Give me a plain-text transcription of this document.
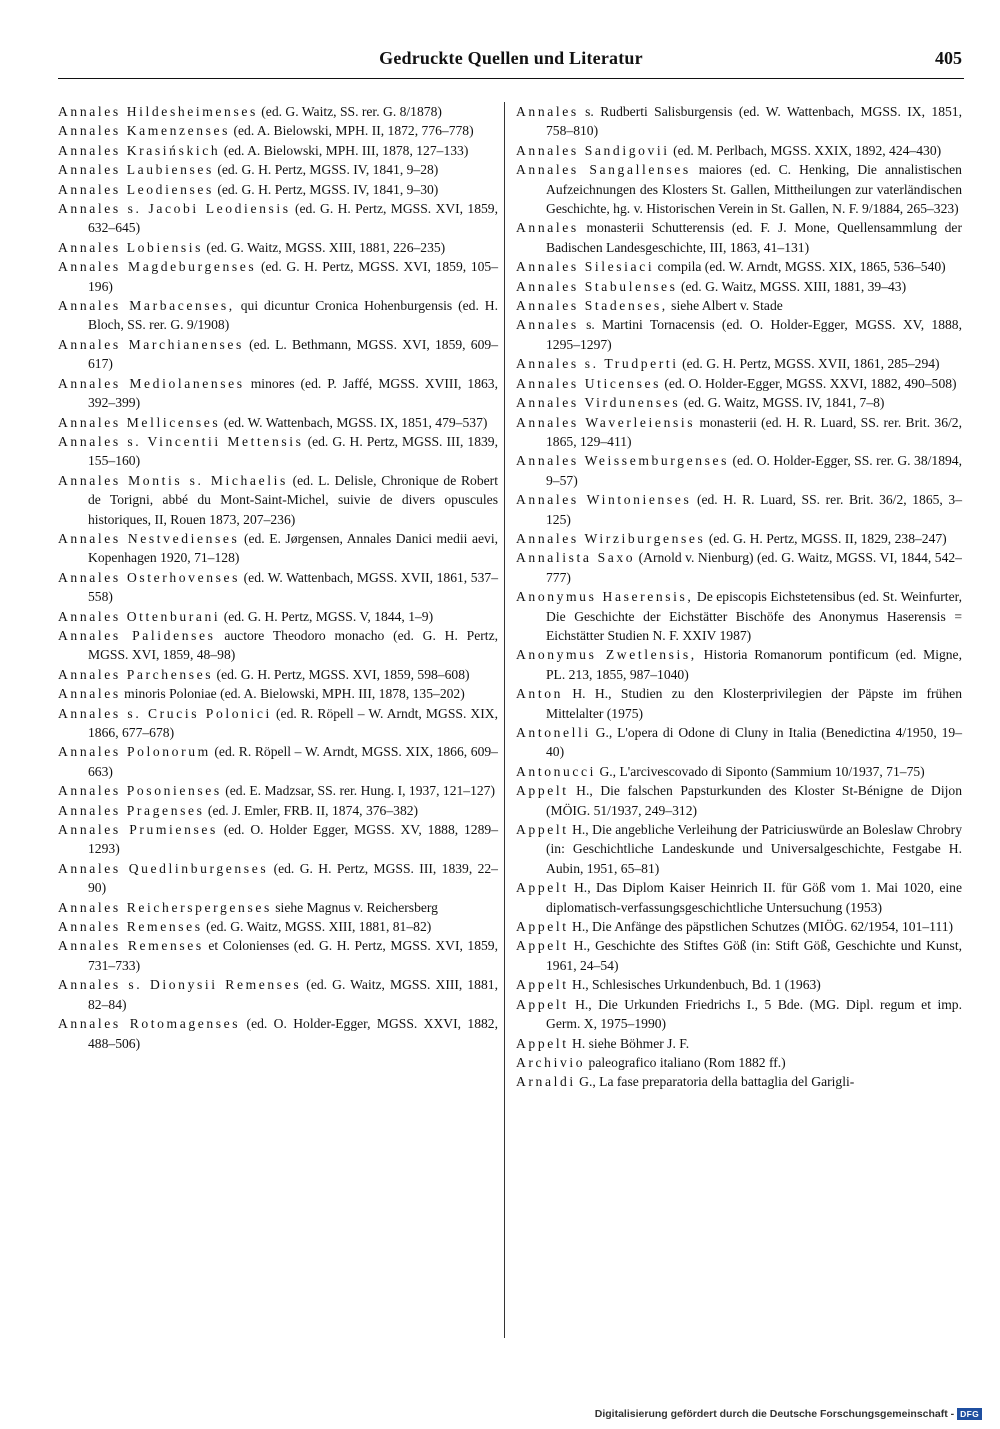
Gedruckte Quellen und Literatur	405

Annales Hildesheimenses (ed. G. Waitz, SS. rer. G. 8/1878)

Annales Kamenzenses (ed. A. Bielowski, MPH. II, 1872, 776–778)

Annales Krasińskich (ed. A. Bielowski, MPH. III, 1878, 127–133)

Annales Laubienses (ed. G. H. Pertz, MGSS. IV, 1841, 9–28)

Annales Leodienses (ed. G. H. Pertz, MGSS. IV, 1841, 9–30)

Annales s. Jacobi Leodiensis (ed. G. H. Pertz, MGSS. XVI, 1859, 632–645)

Annales Lobiensis (ed. G. Waitz, MGSS. XIII, 1881, 226–235)

Annales Magdeburgenses (ed. G. H. Pertz, MGSS. XVI, 1859, 105–196)

Annales Marbacenses, qui dicuntur Cronica Hohenburgensis (ed. H. Bloch, SS. rer. G. 9/1908)

Annales Marchianenses (ed. L. Bethmann, MGSS. XVI, 1859, 609–617)

Annales Mediolanenses minores (ed. P. Jaffé, MGSS. XVIII, 1863, 392–399)

Annales Mellicenses (ed. W. Wattenbach, MGSS. IX, 1851, 479–537)

Annales s. Vincentii Mettensis (ed. G. H. Pertz, MGSS. III, 1839, 155–160)

Annales Montis s. Michaelis (ed. L. Delisle, Chronique de Robert de Torigni, abbé du Mont-Saint-Michel, suivie de divers opuscules historiques, II, Rouen 1873, 207–236)

Annales Nestvedienses (ed. E. Jørgensen, Annales Danici medii aevi, Kopenhagen 1920, 71–128)

Annales Osterhovenses (ed. W. Wattenbach, MGSS. XVII, 1861, 537–558)

Annales Ottenburani (ed. G. H. Pertz, MGSS. V, 1844, 1–9)

Annales Palidenses auctore Theodoro monacho (ed. G. H. Pertz, MGSS. XVI, 1859, 48–98)

Annales Parchenses (ed. G. H. Pertz, MGSS. XVI, 1859, 598–608)

Annales minoris Poloniae (ed. A. Bielowski, MPH. III, 1878, 135–202)

Annales s. Crucis Polonici (ed. R. Röpell – W. Arndt, MGSS. XIX, 1866, 677–678)

Annales Polonorum (ed. R. Röpell – W. Arndt, MGSS. XIX, 1866, 609–663)

Annales Posonienses (ed. E. Madzsar, SS. rer. Hung. I, 1937, 121–127)

Annales Pragenses (ed. J. Emler, FRB. II, 1874, 376–382)

Annales Prumienses (ed. O. Holder Egger, MGSS. XV, 1888, 1289–1293)

Annales Quedlinburgenses (ed. G. H. Pertz, MGSS. III, 1839, 22–90)

Annales Reicherspergenses siehe Magnus v. Reichersberg

Annales Remenses (ed. G. Waitz, MGSS. XIII, 1881, 81–82)

Annales Remenses et Colonienses (ed. G. H. Pertz, MGSS. XVI, 1859, 731–733)

Annales s. Dionysii Remenses (ed. G. Waitz, MGSS. XIII, 1881, 82–84)

Annales Rotomagenses (ed. O. Holder-Egger, MGSS. XXVI, 1882, 488–506)

Annales s. Rudberti Salisburgensis (ed. W. Wattenbach, MGSS. IX, 1851, 758–810)

Annales Sandigovii (ed. M. Perlbach, MGSS. XXIX, 1892, 424–430)

Annales Sangallenses maiores (ed. C. Henking, Die annalistischen Aufzeichnungen des Klosters St. Gallen, Mittheilungen zur vaterländischen Geschichte, hg. v. Historischen Verein in St. Gallen, N. F. 9/1884, 265–323)

Annales monasterii Schutterensis (ed. F. J. Mone, Quellensammlung der Badischen Landesgeschichte, III, 1863, 41–131)

Annales Silesiaci compila (ed. W. Arndt, MGSS. XIX, 1865, 536–540)

Annales Stabulenses (ed. G. Waitz, MGSS. XIII, 1881, 39–43)

Annales Stadenses, siehe Albert v. Stade

Annales s. Martini Tornacensis (ed. O. Holder-Egger, MGSS. XV, 1888, 1295–1297)

Annales s. Trudperti (ed. G. H. Pertz, MGSS. XVII, 1861, 285–294)

Annales Uticenses (ed. O. Holder-Egger, MGSS. XXVI, 1882, 490–508)

Annales Virdunenses (ed. G. Waitz, MGSS. IV, 1841, 7–8)

Annales Waverleiensis monasterii (ed. H. R. Luard, SS. rer. Brit. 36/2, 1865, 129–411)

Annales Weissemburgenses (ed. O. Holder-Egger, SS. rer. G. 38/1894, 9–57)

Annales Wintonienses (ed. H. R. Luard, SS. rer. Brit. 36/2, 1865, 3–125)

Annales Wirziburgenses (ed. G. H. Pertz, MGSS. II, 1829, 238–247)

Annalista Saxo (Arnold v. Nienburg) (ed. G. Waitz, MGSS. VI, 1844, 542–777)

Anonymus Haserensis, De episcopis Eichstetensibus (ed. St. Weinfurter, Die Geschichte der Eichstätter Bischöfe des Anonymus Haserensis = Eichstätter Studien N. F. XXIV 1987)

Anonymus Zwetlensis, Historia Romanorum pontificum (ed. Migne, PL. 213, 1855, 987–1040)

Anton H. H., Studien zu den Klosterprivilegien der Päpste im frühen Mittelalter (1975)

Antonelli G., L'opera di Odone di Cluny in Italia (Benedictina 4/1950, 19–40)

Antonucci G., L'arcivescovado di Siponto (Sammium 10/1937, 71–75)

Appelt H., Die falschen Papsturkunden des Kloster St-Bénigne de Dijon (MÖIG. 51/1937, 249–312)

Appelt H., Die angebliche Verleihung der Patriciuswürde an Boleslaw Chrobry (in: Geschichtliche Landeskunde und Universalgeschichte, Festgabe H. Aubin, 1951, 65–81)

Appelt H., Das Diplom Kaiser Heinrich II. für Göß vom 1. Mai 1020, eine diplomatisch-verfassungsgeschichtliche Untersuchung (1953)

Appelt H., Die Anfänge des päpstlichen Schutzes (MIÖG. 62/1954, 101–111)

Appelt H., Geschichte des Stiftes Göß (in: Stift Göß, Geschichte und Kunst, 1961, 24–54)

Appelt H., Schlesisches Urkundenbuch, Bd. 1 (1963)

Appelt H., Die Urkunden Friedrichs I., 5 Bde. (MG. Dipl. regum et imp. Germ. X, 1975–1990)

Appelt H. siehe Böhmer J. F.

Archivio paleografico italiano (Rom 1882 ff.)

Arnaldi G., La fase preparatoria della battaglia del Garigli-

Digitalisierung gefördert durch die Deutsche Forschungsgemeinschaft - DFG
